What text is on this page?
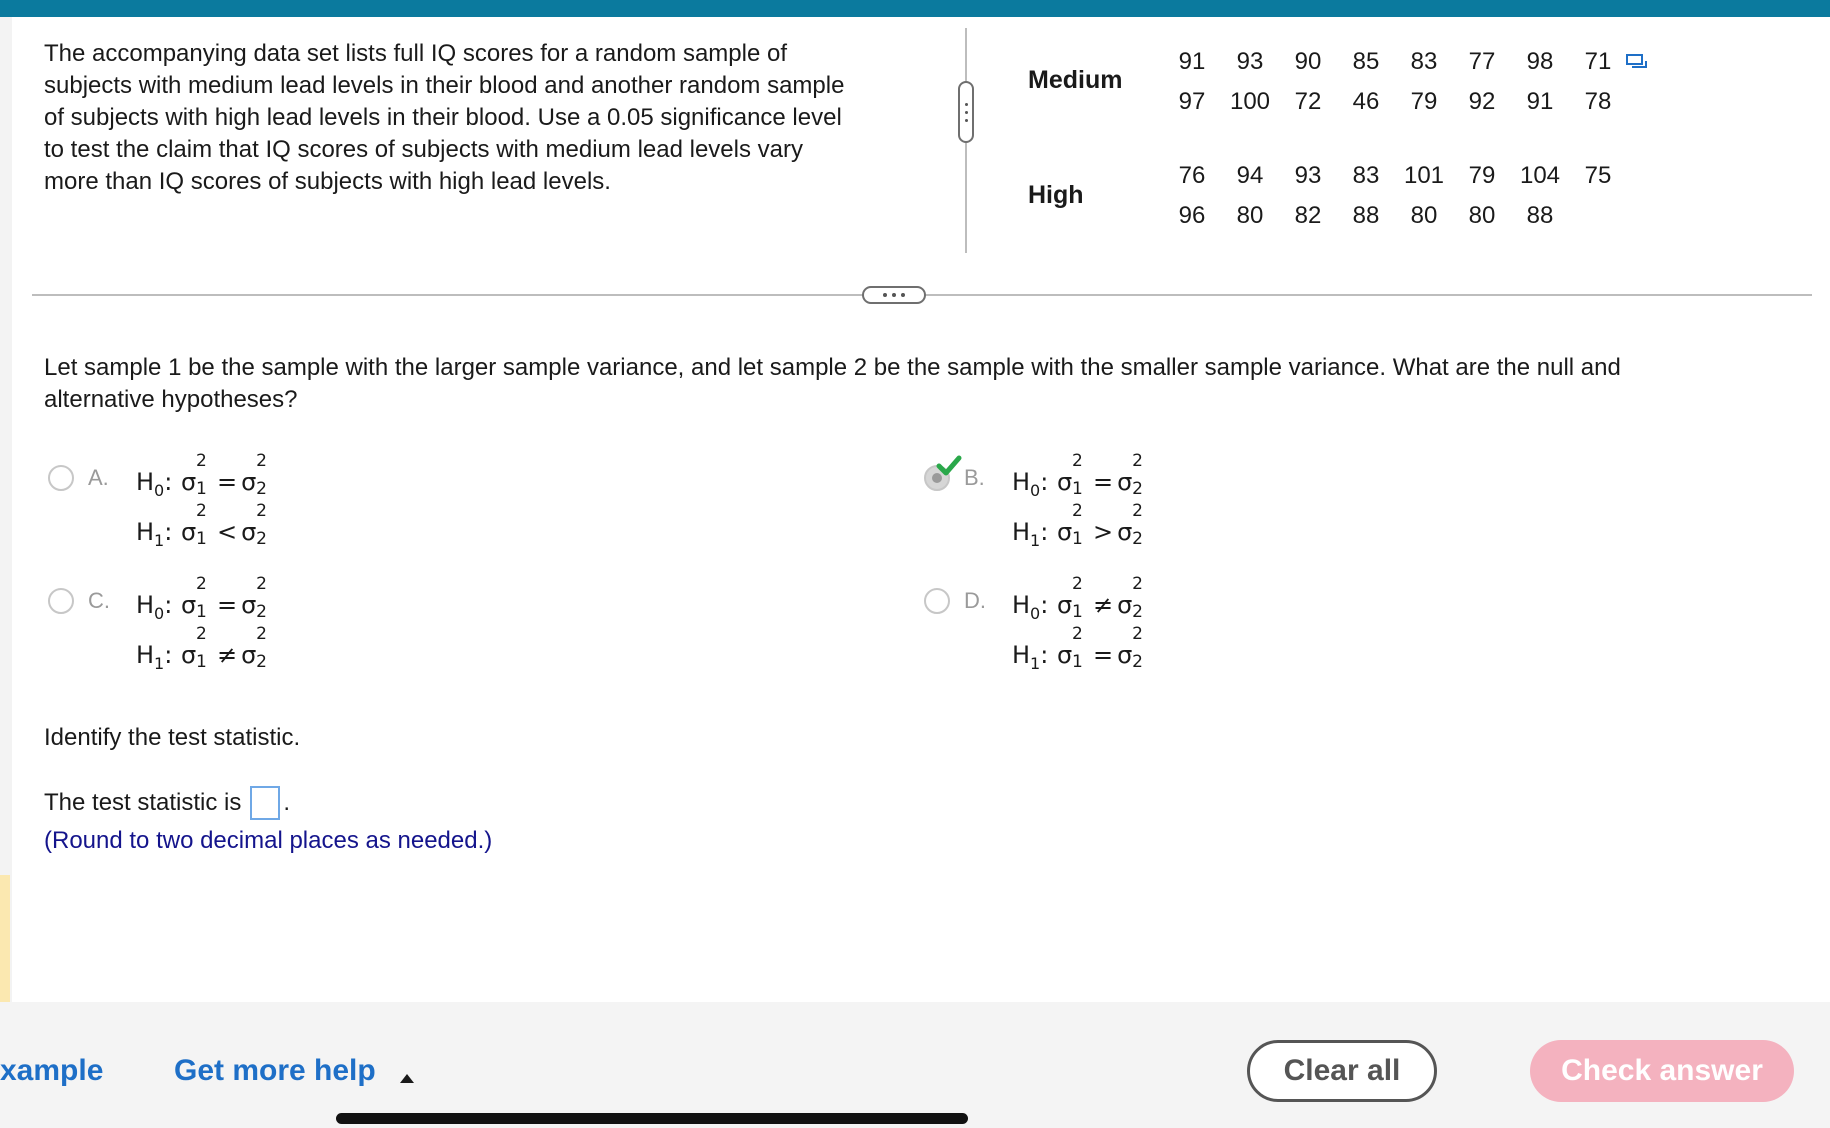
The accompanying data set lists full IQ scores for a random sample of
subjects with medium lead levels in their blood and another random sample
of subjects with high lead levels in their blood. Use a 0.05 significance level
to test the claim that IQ scores of subjects with medium lead levels vary
more than IQ scores of subjects with high lead levels.
Medium
91	93	90	85	83	77	98	71
97	100	72	46	79	92	91	78
High
76	94	93	83	101	79	104	75
96	80	82	88	80	80	88
Let sample 1 be the sample with the larger sample variance, and let sample 2 be the sample with the smaller sample variance. What are the null and
alternative hypotheses?
A. $H_0$: σ
2
1 = σ
2
2
$H_1$: σ
2
1 < σ
2
2
B. $H_0$: σ
2
1 = σ
2
2
$H_1$: σ
2
1 > σ
2
2
C. $H_0$: σ
2
1 = σ
2
2
$H_1$: σ
2
1 ≠ σ
2
2
D. $H_0$: σ
2
1 ≠ σ
2
2
$H_1$: σ
2
1 = σ
2
2
Identify the test statistic.
The test statistic is .
(Round to two decimal places as needed.)
xample Get more help	Clear all	Check answer
